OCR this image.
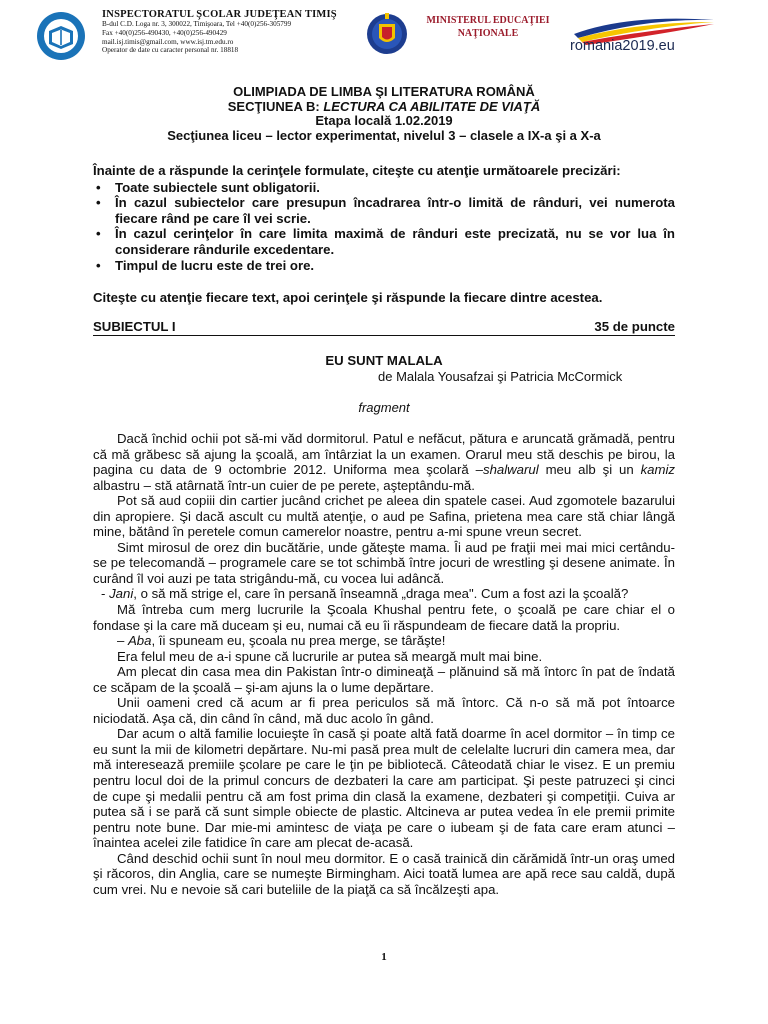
INSPECTORATUL ŞCOLAR JUDEŢEAN TIMIŞ
B-dul C.D. Loga nr. 3, 300022, Timişoara, Tel +40(0)256-305799
Fax +40(0)256-490430, +40(0)256-490429
mail.isj.timis@gmail.com, www.isj.tm.edu.ro
Operator de date cu caracter personal nr. 18818
MINISTERUL EDUCAŢIEI
NAŢIONALE
romania2019.eu
OLIMPIADA DE LIMBA ŞI LITERATURA ROMÂNĂ
SECŢIUNEA B: LECTURA CA ABILITATE DE VIAŢĂ
Etapa locală 1.02.2019
Secţiunea liceu – lector experimentat, nivelul 3 – clasele a IX-a şi a X-a
Înainte de a răspunde la cerinţele formulate, citeşte cu atenţie următoarele precizări:
• Toate subiectele sunt obligatorii.
• În cazul subiectelor care presupun încadrarea într-o limită de rânduri, vei numerota fiecare rând pe care îl vei scrie.
• În cazul cerinţelor în care limita maximă de rânduri este precizată, nu se vor lua în considerare rândurile excedentare.
• Timpul de lucru este de trei ore.
Citeşte cu atenţie fiecare text, apoi cerinţele şi răspunde la fiecare dintre acestea.
SUBIECTUL I	35 de puncte
EU SUNT MALALA
de Malala Yousafzai şi Patricia McCormick
fragment

Dacă închid ochii pot să-mi văd dormitorul. Patul e nefăcut, pătura e aruncată grămadă, pentru că mă grăbesc să ajung la şcoală, am întârziat la un examen. Orarul meu stă deschis pe birou, la pagina cu data de 9 octombrie 2012. Uniforma mea şcolară –shalwarul meu alb şi un kamiz albastru – stă atârnată într-un cuier de pe perete, aşteptându-mă.

Pot să aud copiii din cartier jucând crichet pe aleea din spatele casei. Aud zgomotele bazarului din apropiere. Şi dacă ascult cu multă atenţie, o aud pe Safina, prietena mea care stă chiar lângă mine, bătând în peretele comun camerelor noastre, pentru a-mi spune vreun secret.

Simt mirosul de orez din bucătărie, unde găteşte mama. Îi aud pe fraţii mei mai mici certându-se pe telecomandă – programele care se tot schimbă între jocuri de wrestling şi desene animate. În curând îl voi auzi pe tata strigându-mă, cu vocea lui adâncă.

- Jani, o să mă strige el, care în persană înseamnă „draga mea". Cum a fost azi la şcoală?

Mă întreba cum merg lucrurile la Şcoala Khushal pentru fete, o şcoală pe care chiar el o fondase şi la care mă duceam şi eu, numai că eu îi răspundeam de fiecare dată la propriu.

– Aba, îi spuneam eu, şcoala nu prea merge, se târăşte!

Era felul meu de a-i spune că lucrurile ar putea să meargă mult mai bine.

Am plecat din casa mea din Pakistan într-o dimineaţă – plănuind să mă întorc în pat de îndată ce scăpam de la şcoală – şi-am ajuns la o lume depărtare.

Unii oameni cred că acum ar fi prea periculos să mă întorc. Că n-o să mă pot întoarce niciodată. Aşa că, din când în când, mă duc acolo în gând.

Dar acum o altă familie locuieşte în casă şi poate altă fată doarme în acel dormitor – în timp ce eu sunt la mii de kilometri depărtare. Nu-mi pasă prea mult de celelalte lucruri din camera mea, dar mă interesează premiile şcolare pe care le ţin pe bibliotecă. Câteodată chiar le visez. E un premiu pentru locul doi de la primul concurs de dezbateri la care am participat. Şi peste patruzeci şi cinci de cupe şi medalii pentru că am fost prima din clasă la examene, dezbateri şi competiţii. Cuiva ar putea să i se pară că sunt simple obiecte de plastic. Altcineva ar putea vedea în ele premii primite pentru note bune. Dar mie-mi amintesc de viaţa pe care o iubeam şi de fata care eram atunci – înaintea acelei zile fatidice în care am plecat de-acasă.

Când deschid ochii sunt în noul meu dormitor. E o casă trainică din cărămidă într-un oraş umed şi răcoros, din Anglia, care se numeşte Birmingham. Aici toată lumea are apă rece sau caldă, după cum vrei. Nu e nevoie să cari buteliile de la piaţă ca să încălzeşti apa.

1
